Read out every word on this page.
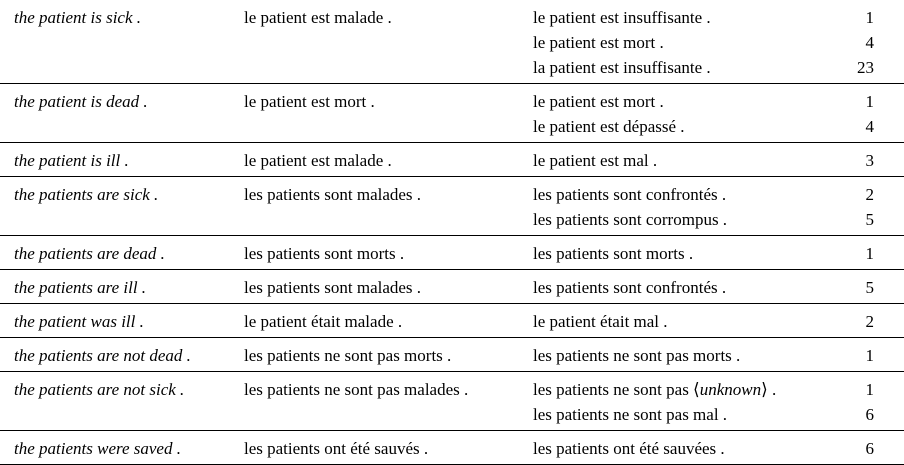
the patient is sick .	le patient est malade .	le patient est insuffisante .	1
le patient est mort .	4
la patient est insuffisante .	23
the patient is dead .	le patient est mort .	le patient est mort .	1
le patient est dépassé .	4
the patient is ill .	le patient est malade .	le patient est mal .	3
the patients are sick .	les patients sont malades .	les patients sont confrontés .	2
les patients sont corrompus .	5
the patients are dead .	les patients sont morts .	les patients sont morts .	1
the patients are ill .	les patients sont malades .	les patients sont confrontés .	5
the patient was ill .	le patient était malade .	le patient était mal .	2
the patients are not dead .	les patients ne sont pas morts .	les patients ne sont pas morts .	1
the patients are not sick .	les patients ne sont pas malades .	les patients ne sont pas ⟨unknown⟩ .	1
les patients ne sont pas mal .	6
the patients were saved .	les patients ont été sauvés .	les patients ont été sauvées .	6
